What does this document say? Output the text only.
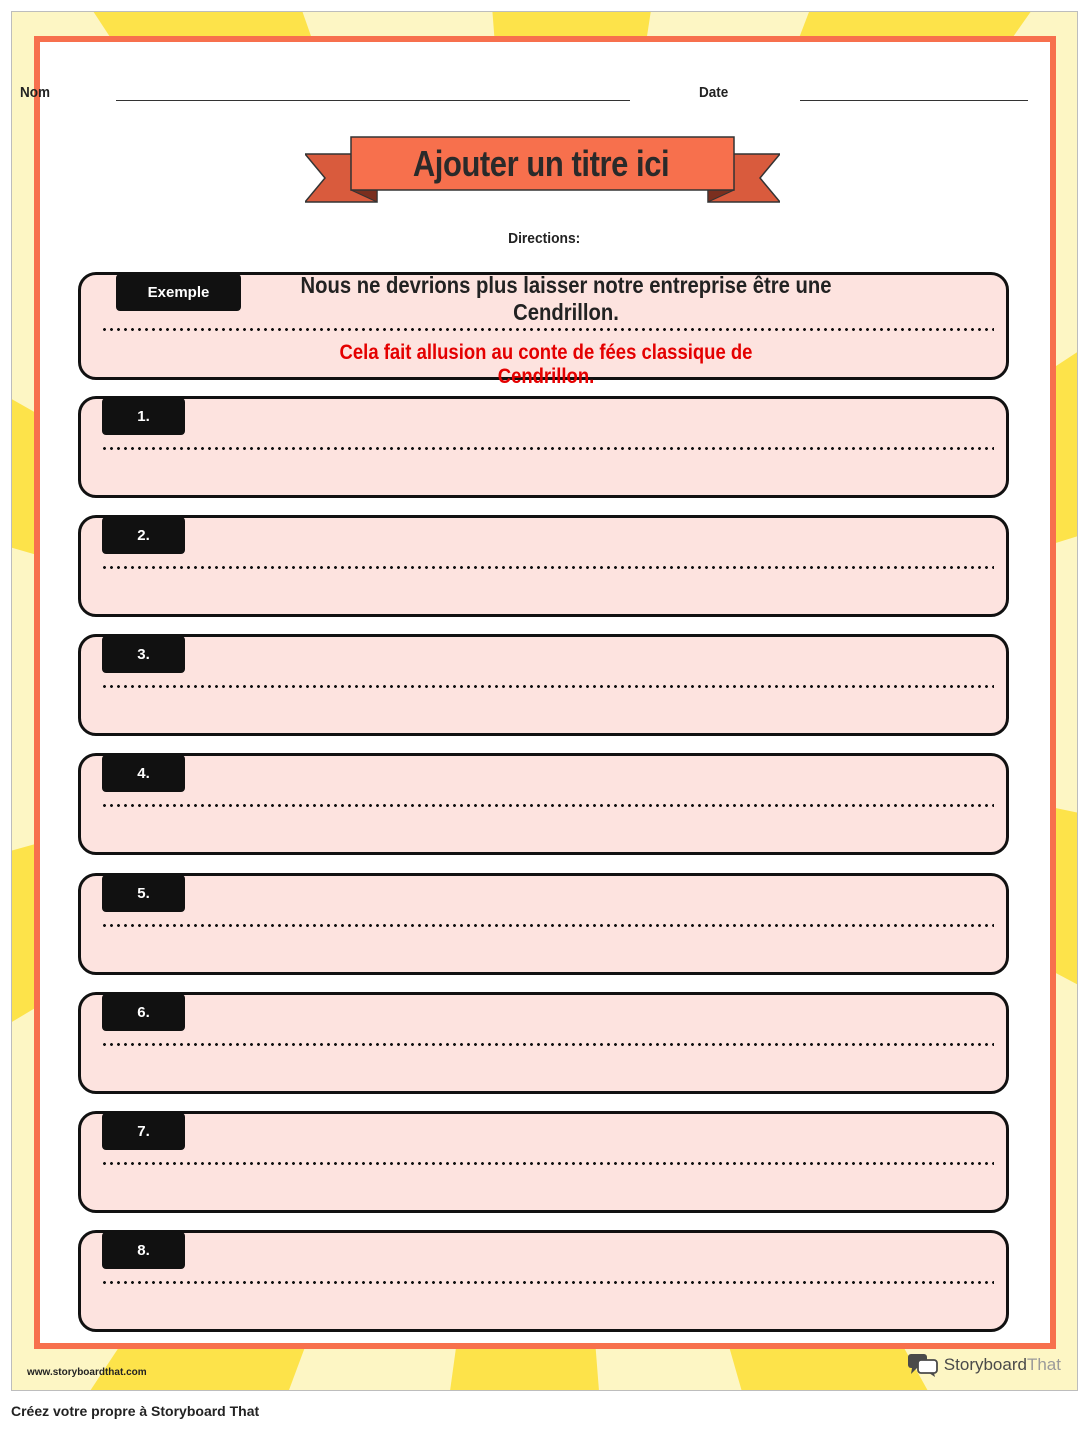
Nom	Date
Ajouter un titre ici
Directions:
Exemple	Nous ne devrions plus laisser notre entreprise être une Cendrillon.
Cela fait allusion au conte de fées classique de Cendrillon.
1.
2.
3.
4.
5.
6.
7.
8.
www.storyboardthat.com	Storyboard That
Créez votre propre à Storyboard That
